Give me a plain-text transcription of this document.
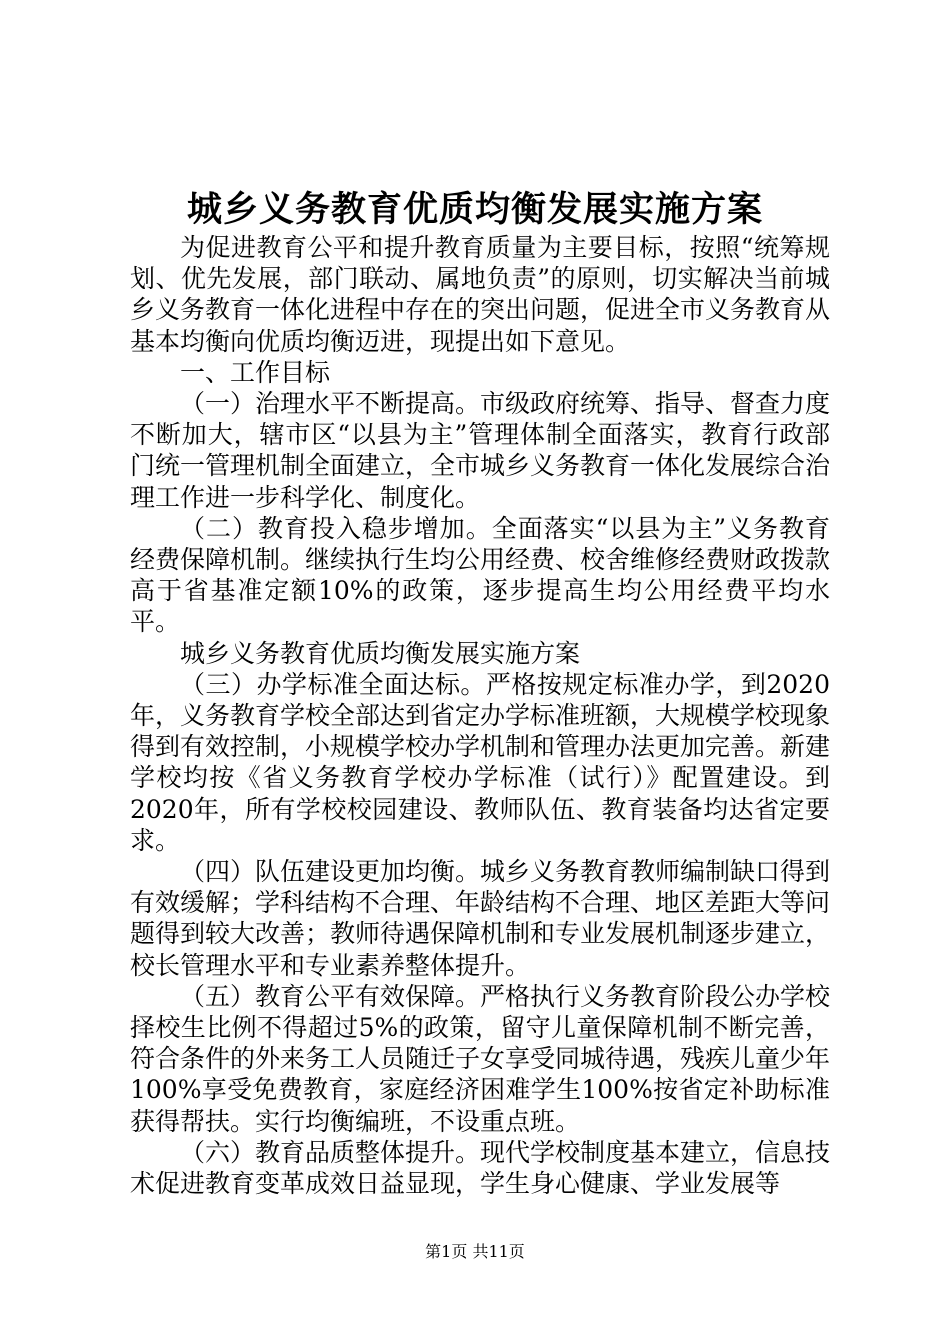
城乡义务教育优质均衡发展实施方案

为促进教育公平和提升教育质量为主要目标，按照“统筹规划、优先发展，部门联动、属地负责”的原则，切实解决当前城乡义务教育一体化进程中存在的突出问题，促进全市义务教育从基本均衡向优质均衡迈进，现提出如下意见。

一、工作目标

（一）治理水平不断提高。市级政府统筹、指导、督查力度不断加大，辖市区“以县为主”管理体制全面落实，教育行政部门统一管理机制全面建立，全市城乡义务教育一体化发展综合治理工作进一步科学化、制度化。

（二）教育投入稳步增加。全面落实“以县为主”义务教育经费保障机制。继续执行生均公用经费、校舍维修经费财政拨款高于省基准定额10%的政策，逐步提高生均公用经费平均水平。

城乡义务教育优质均衡发展实施方案

（三）办学标准全面达标。严格按规定标准办学，到2020年，义务教育学校全部达到省定办学标准班额，大规模学校现象得到有效控制，小规模学校办学机制和管理办法更加完善。新建学校均按《省义务教育学校办学标准（试行）》配置建设。到2020年，所有学校校园建设、教师队伍、教育装备均达省定要求。

（四）队伍建设更加均衡。城乡义务教育教师编制缺口得到有效缓解；学科结构不合理、年龄结构不合理、地区差距大等问题得到较大改善；教师待遇保障机制和专业发展机制逐步建立，校长管理水平和专业素养整体提升。

（五）教育公平有效保障。严格执行义务教育阶段公办学校择校生比例不得超过5%的政策，留守儿童保障机制不断完善，符合条件的外来务工人员随迁子女享受同城待遇，残疾儿童少年100%享受免费教育，家庭经济困难学生100%按省定补助标准获得帮扶。实行均衡编班，不设重点班。

（六）教育品质整体提升。现代学校制度基本建立，信息技术促进教育变革成效日益显现，学生身心健康、学业发展等

第1页 共11页
